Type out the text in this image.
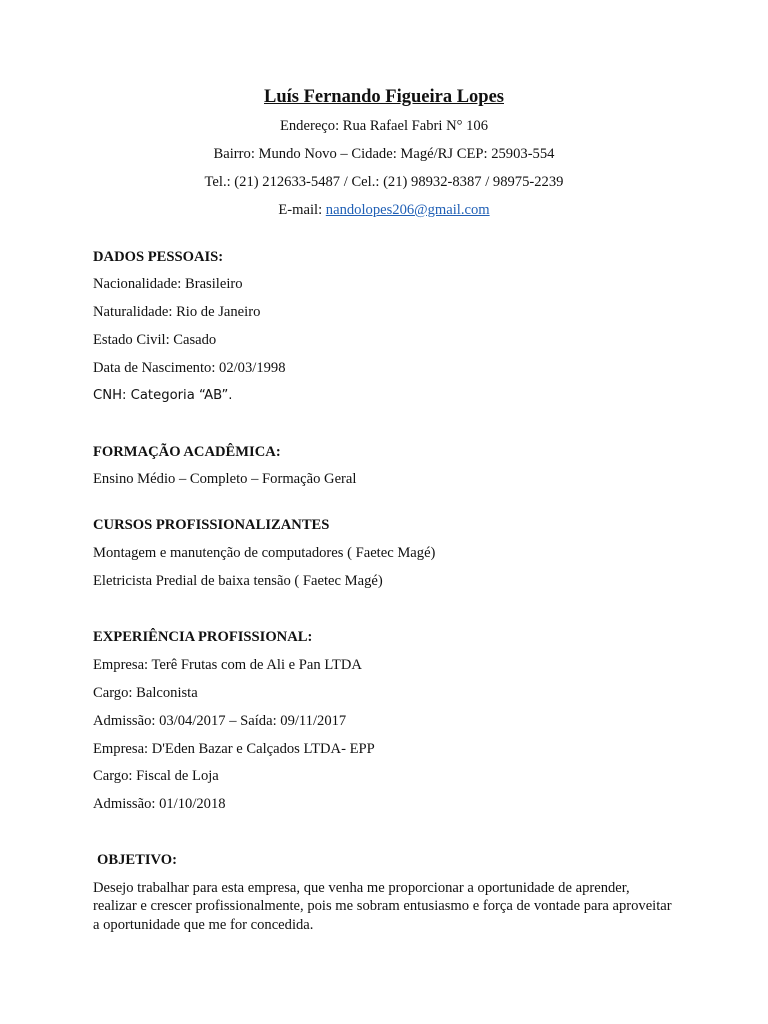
Luís Fernando Figueira Lopes
Endereço: Rua Rafael Fabri N° 106
Bairro: Mundo Novo – Cidade: Magé/RJ CEP: 25903-554
Tel.: (21) 212633-5487 / Cel.: (21) 98932-8387 / 98975-2239
E-mail: nandolopes206@gmail.com
DADOS PESSOAIS:
Nacionalidade: Brasileiro
Naturalidade: Rio de Janeiro
Estado Civil: Casado
Data de Nascimento: 02/03/1998
CNH: Categoria “AB”.
FORMAÇÃO ACADÊMICA:
Ensino Médio – Completo – Formação Geral
CURSOS PROFISSIONALIZANTES
Montagem e manutenção de computadores ( Faetec Magé)
Eletricista Predial de baixa tensão ( Faetec Magé)
EXPERIÊNCIA PROFISSIONAL:
Empresa: Terê Frutas com de Ali e Pan LTDA
Cargo: Balconista
Admissão: 03/04/2017 – Saída: 09/11/2017
Empresa: D'Eden Bazar e Calçados LTDA- EPP
Cargo: Fiscal de Loja
Admissão: 01/10/2018
OBJETIVO:
Desejo trabalhar para esta empresa, que venha me proporcionar a oportunidade de aprender, realizar e crescer profissionalmente, pois me sobram entusiasmo e força de vontade para aproveitar a oportunidade que me for concedida.
